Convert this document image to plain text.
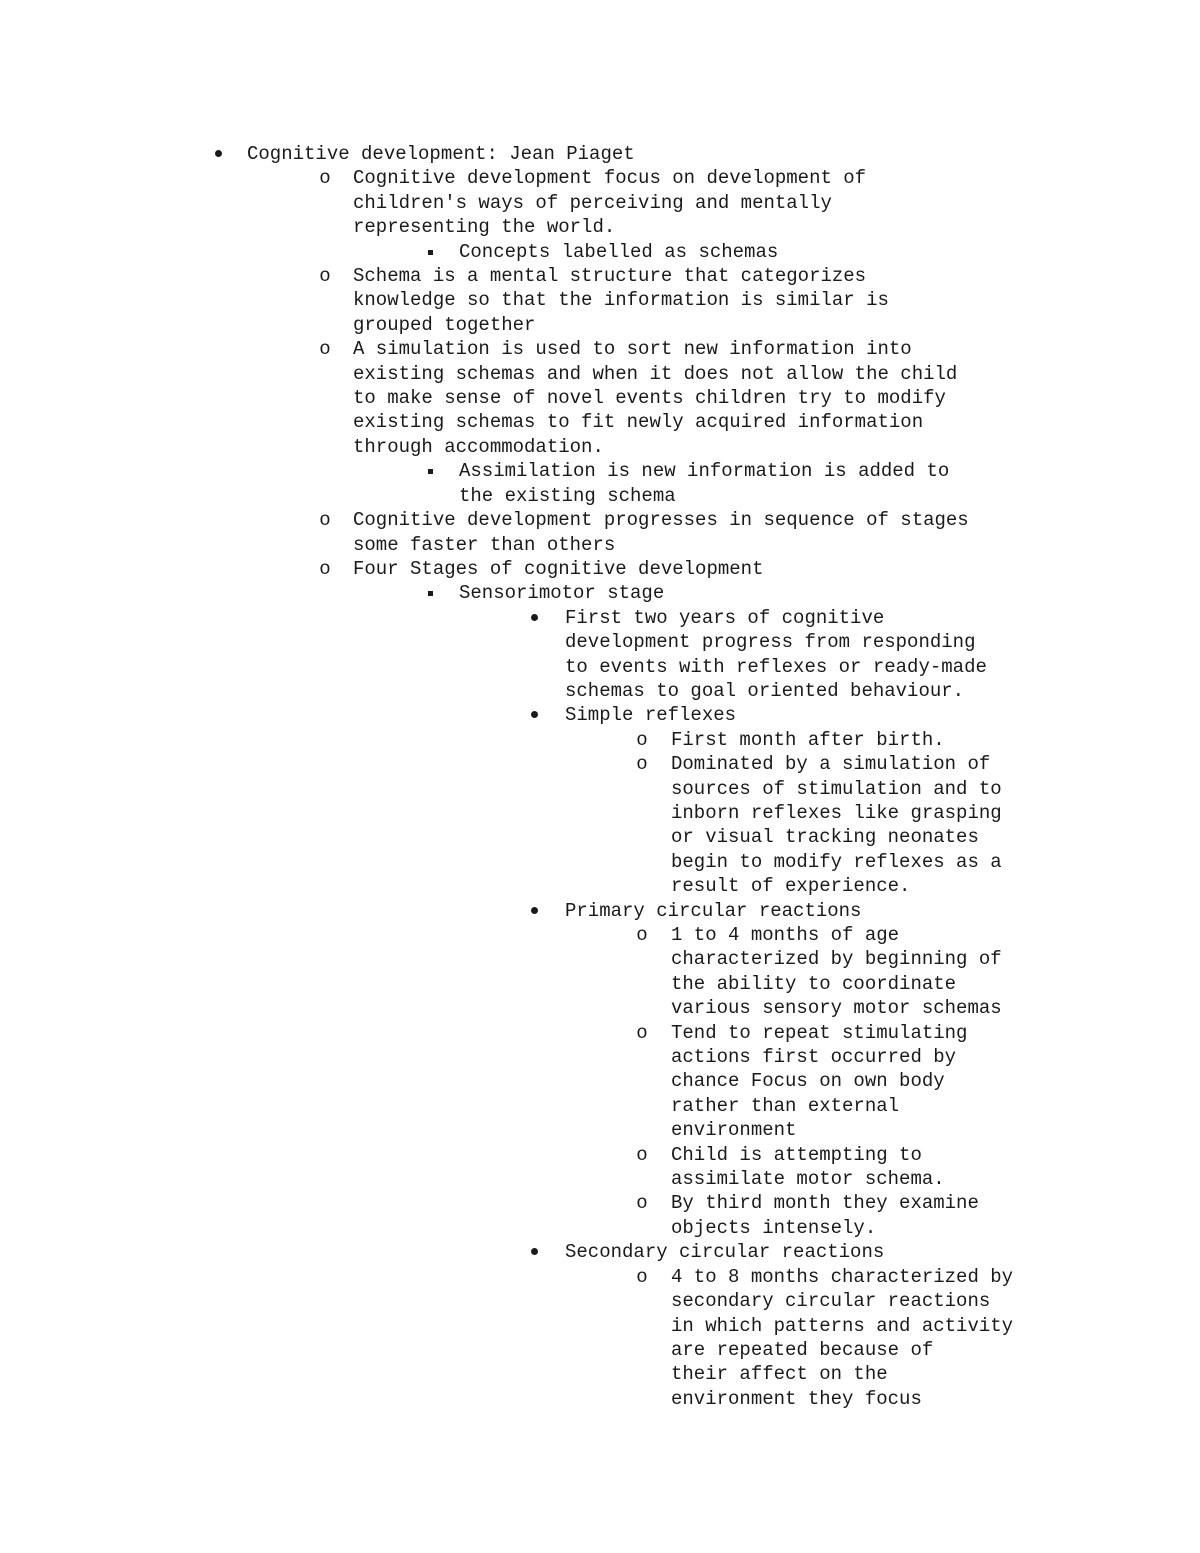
Cognitive development: Jean Piaget
Cognitive development focus on development of
children's ways of perceiving and mentally
representing the world.
Concepts labelled as schemas
Schema is a mental structure that categorizes
knowledge so that the information is similar is
grouped together
A simulation is used to sort new information into
existing schemas and when it does not allow the child
to make sense of novel events children try to modify
existing schemas to fit newly acquired information
through accommodation.
Assimilation is new information is added to
the existing schema
Cognitive development progresses in sequence of stages
some faster than others
Four Stages of cognitive development
Sensorimotor stage
First two years of cognitive
development progress from responding
to events with reflexes or ready-made
schemas to goal oriented behaviour.
Simple reflexes
First month after birth.
Dominated by a simulation of
sources of stimulation and to
inborn reflexes like grasping
or visual tracking neonates
begin to modify reflexes as a
result of experience.
Primary circular reactions
1 to 4 months of age
characterized by beginning of
the ability to coordinate
various sensory motor schemas
Tend to repeat stimulating
actions first occurred by
chance Focus on own body
rather than external
environment
Child is attempting to
assimilate motor schema.
By third month they examine
objects intensely.
Secondary circular reactions
4 to 8 months characterized by
secondary circular reactions
in which patterns and activity
are repeated because of
their affect on the
environment they focus
